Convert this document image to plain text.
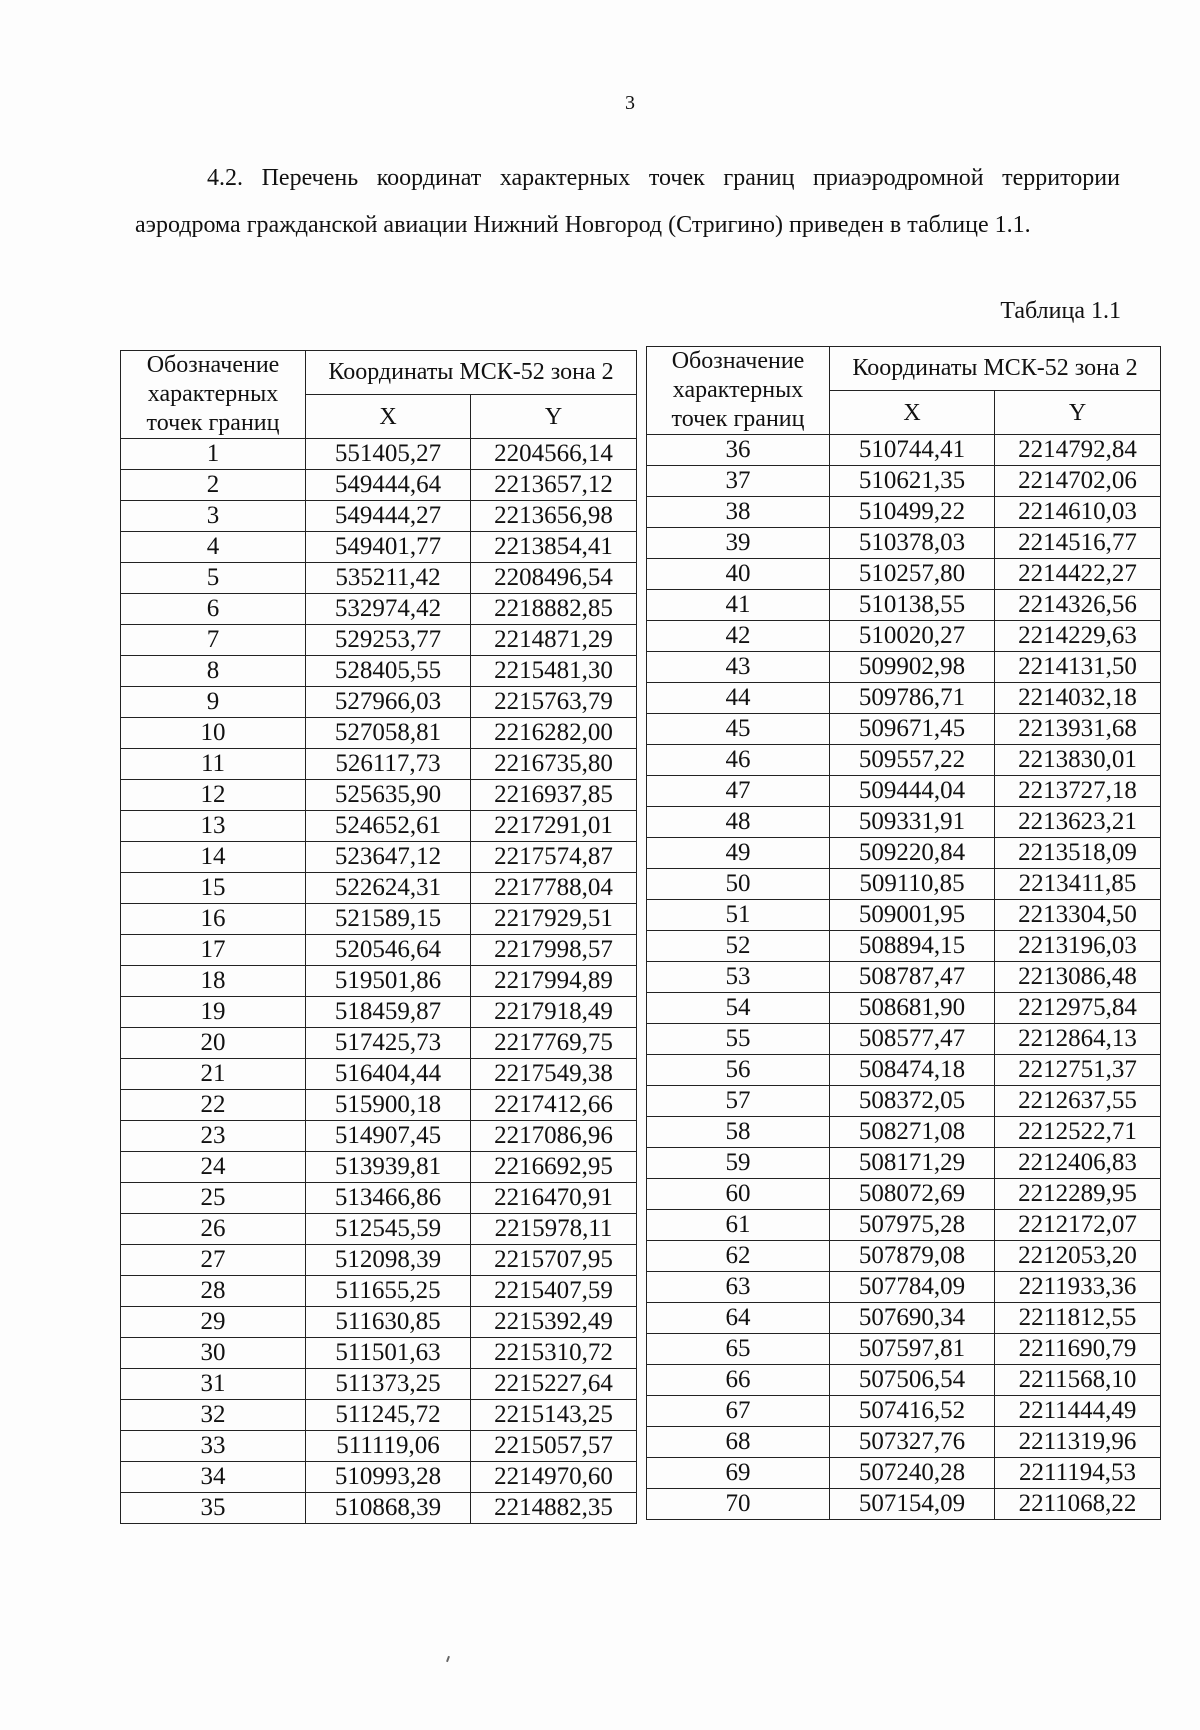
3

4.2. Перечень координат характерных точек границ приаэродромной территории аэродрома гражданской авиации Нижний Новгород (Стригино) приведен в таблице 1.1.

Таблица 1.1
Обозначение характерных точек границ	Координаты МСК-52 зона 2	
	X	Y
1	551405,27	2204566,14
2	549444,64	2213657,12
3	549444,27	2213656,98
4	549401,77	2213854,41
5	535211,42	2208496,54
6	532974,42	2218882,85
7	529253,77	2214871,29
8	528405,55	2215481,30
9	527966,03	2215763,79
10	527058,81	2216282,00
11	526117,73	2216735,80
12	525635,90	2216937,85
13	524652,61	2217291,01
14	523647,12	2217574,87
15	522624,31	2217788,04
16	521589,15	2217929,51
17	520546,64	2217998,57
18	519501,86	2217994,89
19	518459,87	2217918,49
20	517425,73	2217769,75
21	516404,44	2217549,38
22	515900,18	2217412,66
23	514907,45	2217086,96
24	513939,81	2216692,95
25	513466,86	2216470,91
26	512545,59	2215978,11
27	512098,39	2215707,95
28	511655,25	2215407,59
29	511630,85	2215392,49
30	511501,63	2215310,72
31	511373,25	2215227,64
32	511245,72	2215143,25
33	511119,06	2215057,57
34	510993,28	2214970,60
35	510868,39	2214882,35
Обозначение характерных точек границ	Координаты МСК-52 зона 2	
	X	Y
36	510744,41	2214792,84
37	510621,35	2214702,06
38	510499,22	2214610,03
39	510378,03	2214516,77
40	510257,80	2214422,27
41	510138,55	2214326,56
42	510020,27	2214229,63
43	509902,98	2214131,50
44	509786,71	2214032,18
45	509671,45	2213931,68
46	509557,22	2213830,01
47	509444,04	2213727,18
48	509331,91	2213623,21
49	509220,84	2213518,09
50	509110,85	2213411,85
51	509001,95	2213304,50
52	508894,15	2213196,03
53	508787,47	2213086,48
54	508681,90	2212975,84
55	508577,47	2212864,13
56	508474,18	2212751,37
57	508372,05	2212637,55
58	508271,08	2212522,71
59	508171,29	2212406,83
60	508072,69	2212289,95
61	507975,28	2212172,07
62	507879,08	2212053,20
63	507784,09	2211933,36
64	507690,34	2211812,55
65	507597,81	2211690,79
66	507506,54	2211568,10
67	507416,52	2211444,49
68	507327,76	2211319,96
69	507240,28	2211194,53
70	507154,09	2211068,22
